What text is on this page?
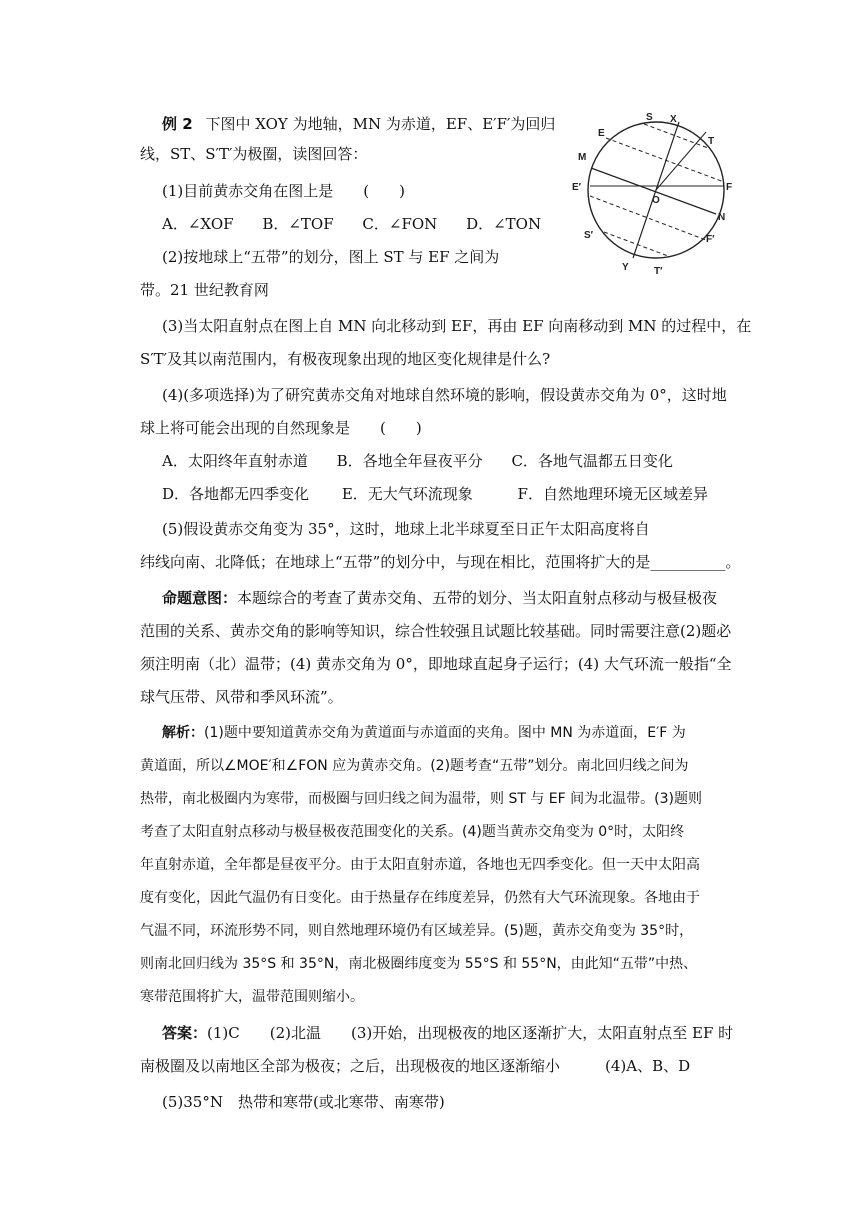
例 2 下图中 XOY 为地轴，MN 为赤道，EF、E′F′为回归
线，ST、S′T′为极圈，读图回答：
(1)目前黄赤交角在图上是　　(　　)
A．∠XOF B．∠TOF C．∠FON D．∠TON
(2)按地球上“五带”的划分，图上 ST 与 EF 之间为
带。21 世纪教育网
(3)当太阳直射点在图上自 MN 向北移动到 EF，再由 EF 向南移动到 MN 的过程中，在
S′T′及其以南范围内，有极夜现象出现的地区变化规律是什么?
(4)(多项选择)为了研究黄赤交角对地球自然环境的影响，假设黄赤交角为 0°，这时地
球上将可能会出现的自然现象是　　(　　)
A．太阳终年直射赤道 B．各地全年昼夜平分 C．各地气温都五日变化
D．各地都无四季变化 E．无大气环流现象	F．自然地理环境无区域差异
(5)假设黄赤交角变为 35°，这时，地球上北半球夏至日正午太阳高度将自
纬线向南、北降低；在地球上“五带”的划分中，与现在相比，范围将扩大的是__________。
命题意图：本题综合的考查了黄赤交角、五带的划分、当太阳直射点移动与极昼极夜
范围的关系、黄赤交角的影响等知识，综合性较强且试题比较基础。同时需要注意(2)题必
须注明南（北）温带；(4) 黄赤交角为 0°，即地球直起身子运行；(4) 大气环流一般指“全
球气压带、风带和季风环流”。
解析：(1)题中要知道黄赤交角为黄道面与赤道面的夹角。图中 MN 为赤道面，E′F 为
黄道面，所以∠MOE′和∠FON 应为黄赤交角。(2)题考查“五带”划分。南北回归线之间为
热带，南北极圈内为寒带，而极圈与回归线之间为温带，则 ST 与 EF 间为北温带。(3)题则
考查了太阳直射点移动与极昼极夜范围变化的关系。(4)题当黄赤交角变为 0°时，太阳终
年直射赤道，全年都是昼夜平分。由于太阳直射赤道，各地也无四季变化。但一天中太阳高
度有变化，因此气温仍有日变化。由于热量存在纬度差异，仍然有大气环流现象。各地由于
气温不同，环流形势不同，则自然地理环境仍有区域差异。(5)题，黄赤交角变为 35°时，
则南北回归线为 35°S 和 35°N，南北极圈纬度变为 55°S 和 55°N，由此知“五带”中热、
寒带范围将扩大，温带范围则缩小。
答案：(1)C　　(2)北温　　(3)开始，出现极夜的地区逐渐扩大，太阳直射点至 EF 时
南极圈及以南地区全部为极夜；之后，出现极夜的地区逐渐缩小　　　(4)A、B、D
(5)35°N　热带和寒带(或北寒带、南寒带)
S X
E
T
M
E′	F
O
N
S′	F′
Y	T′
